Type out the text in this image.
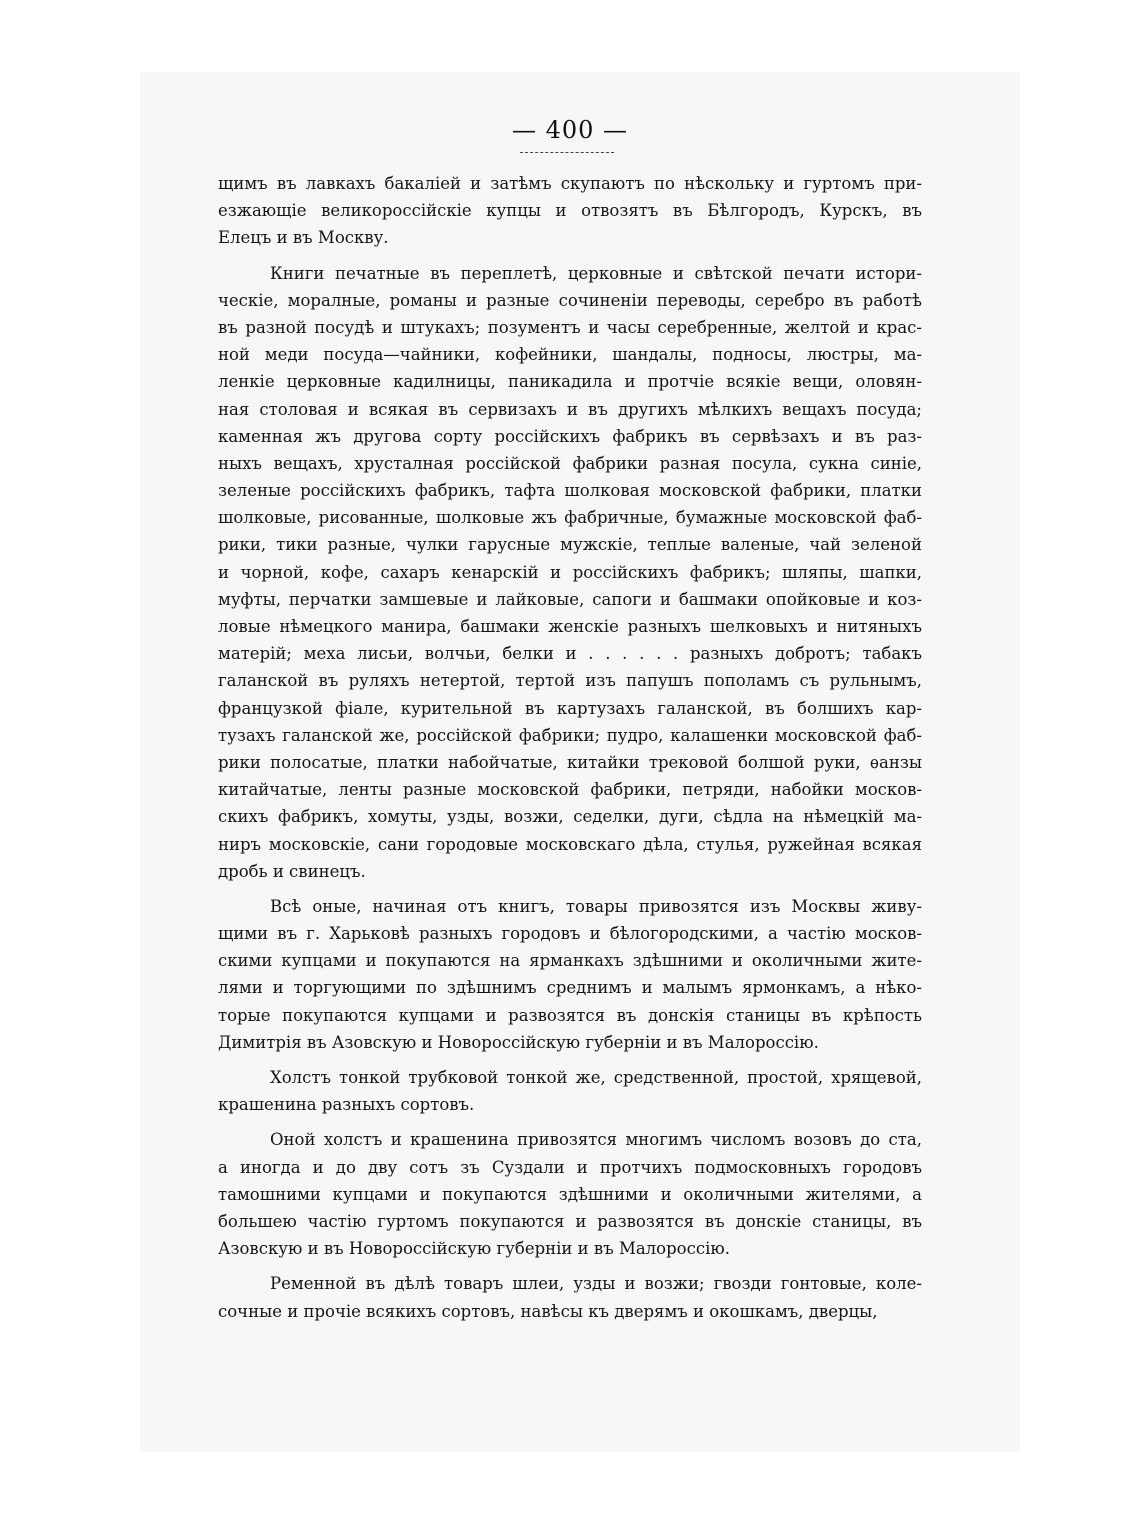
— 400 —
щимъ въ лавкахъ бакалiей и затѣмъ скупаютъ по нѣскольку и гуртомъ при-
езжающiе великороссiйскiе купцы и отвозятъ въ Бѣлгородъ, Курскъ, въ
Елецъ и въ Москву.
Книги печатные въ переплетѣ, церковные и свѣтской печати истори-
ческiе, моралные, романы и разные сочиненiи переводы, серебро въ работѣ
въ разной посудѣ и штукахъ; позументъ и часы серебренные, желтой и крас-
ной меди посуда—чайники, кофейники, шандалы, подносы, люстры, ма-
ленкiе церковные кадилницы, паникадила и протчiе всякiе вещи, оловян-
ная столовая и всякая въ сервизахъ и въ другихъ мѣлкихъ вещахъ посуда;
каменная жъ другова сорту россiйскихъ фабрикъ въ сервѣзахъ и въ раз-
ныхъ вещахъ, хрусталная россiйской фабрики разная посула, сукна синiе,
зеленые россiйскихъ фабрикъ, тафта шолковая московской фабрики, платки
шолковые, рисованные, шолковые жъ фабричные, бумажные московской фаб-
рики, тики разные, чулки гарусные мужскiе, теплые валеные, чай зеленой
и чорной, кофе, сахаръ кенарскiй и россiйскихъ фабрикъ; шляпы, шапки,
муфты, перчатки замшевые и лайковые, сапоги и башмаки опойковые и коз-
ловые нѣмецкого манира, башмаки женскiе разныхъ шелковыхъ и нитяныхъ
матерiй; меха лисьи, волчьи, белки и . . . . . . разныхъ добротъ; табакъ
галанской въ руляхъ нетертой, тертой изъ папушъ пополамъ съ рульнымъ,
французкой фiале, курительной въ картузахъ галанской, въ болшихъ кар-
тузахъ галанской же, россiйской фабрики; пудро, калашенки московской фаб-
рики полосатые, платки набойчатые, китайки трековой болшой руки, ѳанзы
китайчатые, ленты разные московской фабрики, петряди, набойки москов-
скихъ фабрикъ, хомуты, узды, возжи, седелки, дуги, сѣдла на нѣмецкiй ма-
ниръ московскiе, сани городовые московскаго дѣла, стулья, ружейная всякая
дробь и свинецъ.
Всѣ оные, начиная отъ книгъ, товары привозятся изъ Москвы живу-
щими въ г. Харьковѣ разныхъ городовъ и бѣлогородскими, а частiю москов-
скими купцами и покупаются на ярманкахъ здѣшними и околичными жите-
лями и торгующими по здѣшнимъ среднимъ и малымъ ярмонкамъ, а нѣко-
торые покупаются купцами и развозятся въ донскiя станицы въ крѣпость
Димитрiя въ Азовскую и Новороссiйскую губернiи и въ Малороссiю.
Холстъ тонкой трубковой тонкой же, средственной, простой, хрящевой,
крашенина разныхъ сортовъ.
Оной холстъ и крашенина привозятся многимъ числомъ возовъ до ста,
а иногда и до дву сотъ зъ Суздали и протчихъ подмосковныхъ городовъ
тамошними купцами и покупаются здѣшними и околичными жителями, а
большею частiю гуртомъ покупаются и развозятся въ донскiе станицы, въ
Азовскую и въ Новороссiйскую губернiи и въ Малороссiю.
Ременной въ дѣлѣ товаръ шлеи, узды и возжи; гвозди гонтовые, коле-
сочные и прочiе всякихъ сортовъ, навѣсы къ дверямъ и окошкамъ, дверцы,
